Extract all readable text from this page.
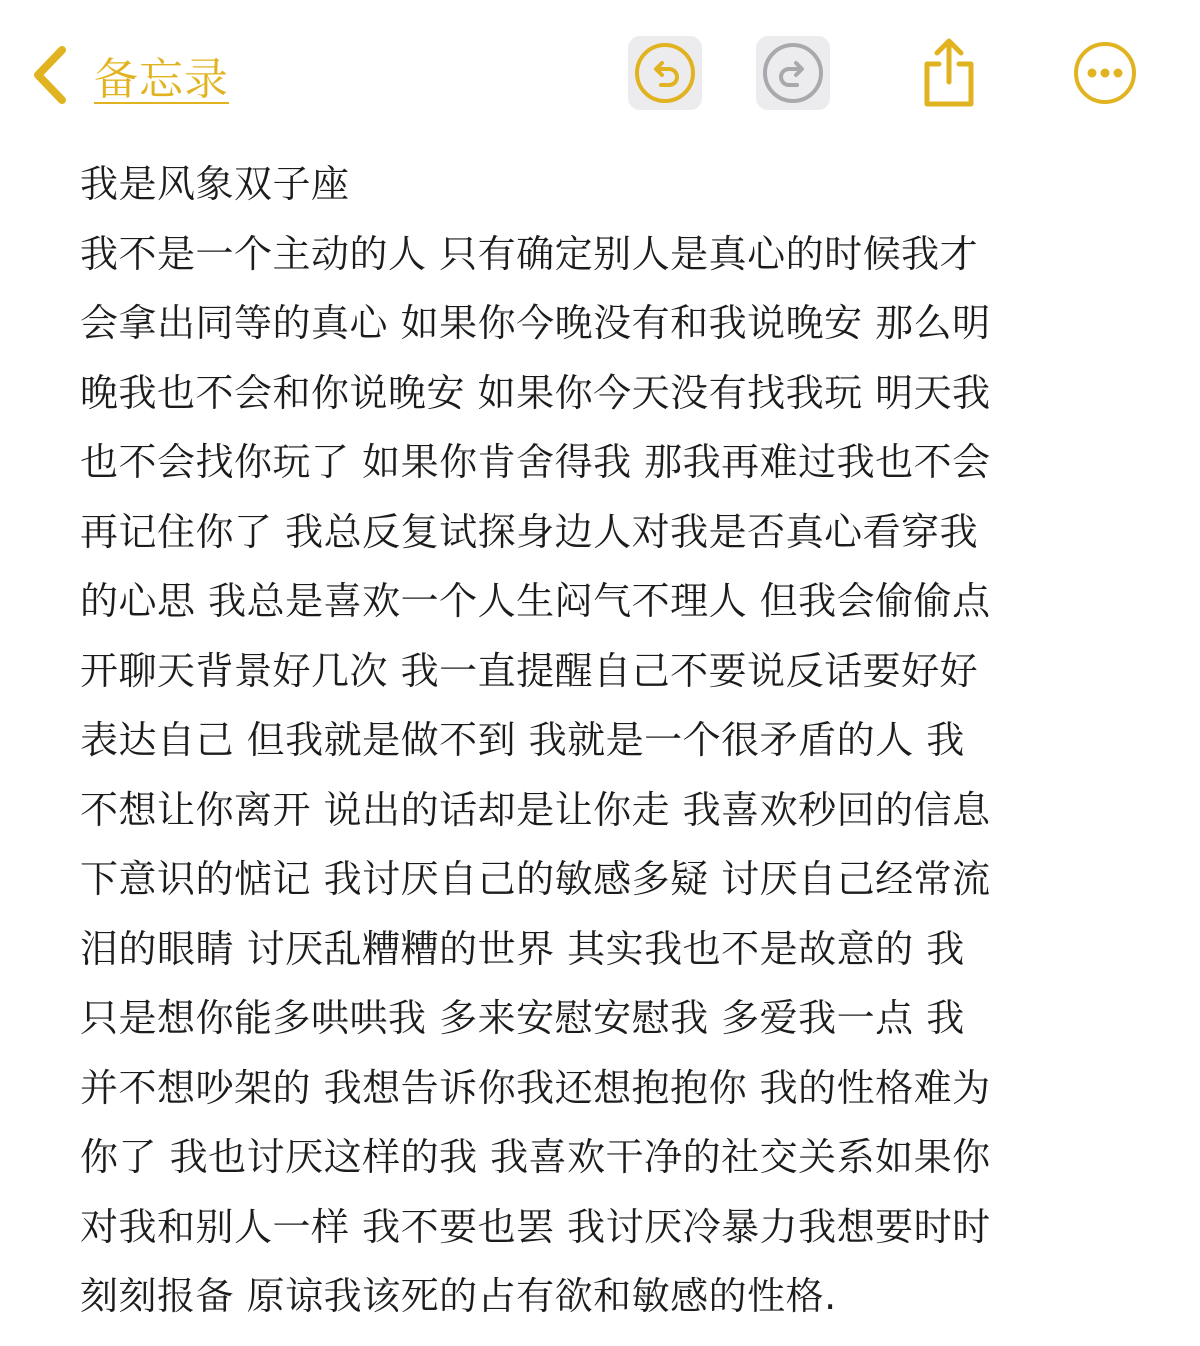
备忘录
我是风象双子座
我不是一个主动的人 只有确定别人是真心的时候我才
会拿出同等的真心 如果你今晚没有和我说晚安 那么明
晚我也不会和你说晚安 如果你今天没有找我玩 明天我
也不会找你玩了 如果你肯舍得我 那我再难过我也不会
再记住你了 我总反复试探身边人对我是否真心看穿我
的心思 我总是喜欢一个人生闷气不理人 但我会偷偷点
开聊天背景好几次 我一直提醒自己不要说反话要好好
表达自己 但我就是做不到 我就是一个很矛盾的人 我
不想让你离开 说出的话却是让你走 我喜欢秒回的信息
下意识的惦记 我讨厌自己的敏感多疑 讨厌自己经常流
泪的眼睛 讨厌乱糟糟的世界 其实我也不是故意的 我
只是想你能多哄哄我 多来安慰安慰我 多爱我一点 我
并不想吵架的 我想告诉你我还想抱抱你 我的性格难为
你了 我也讨厌这样的我 我喜欢干净的社交关系如果你
对我和别人一样 我不要也罢 我讨厌冷暴力我想要时时
刻刻报备 原谅我该死的占有欲和敏感的性格.
